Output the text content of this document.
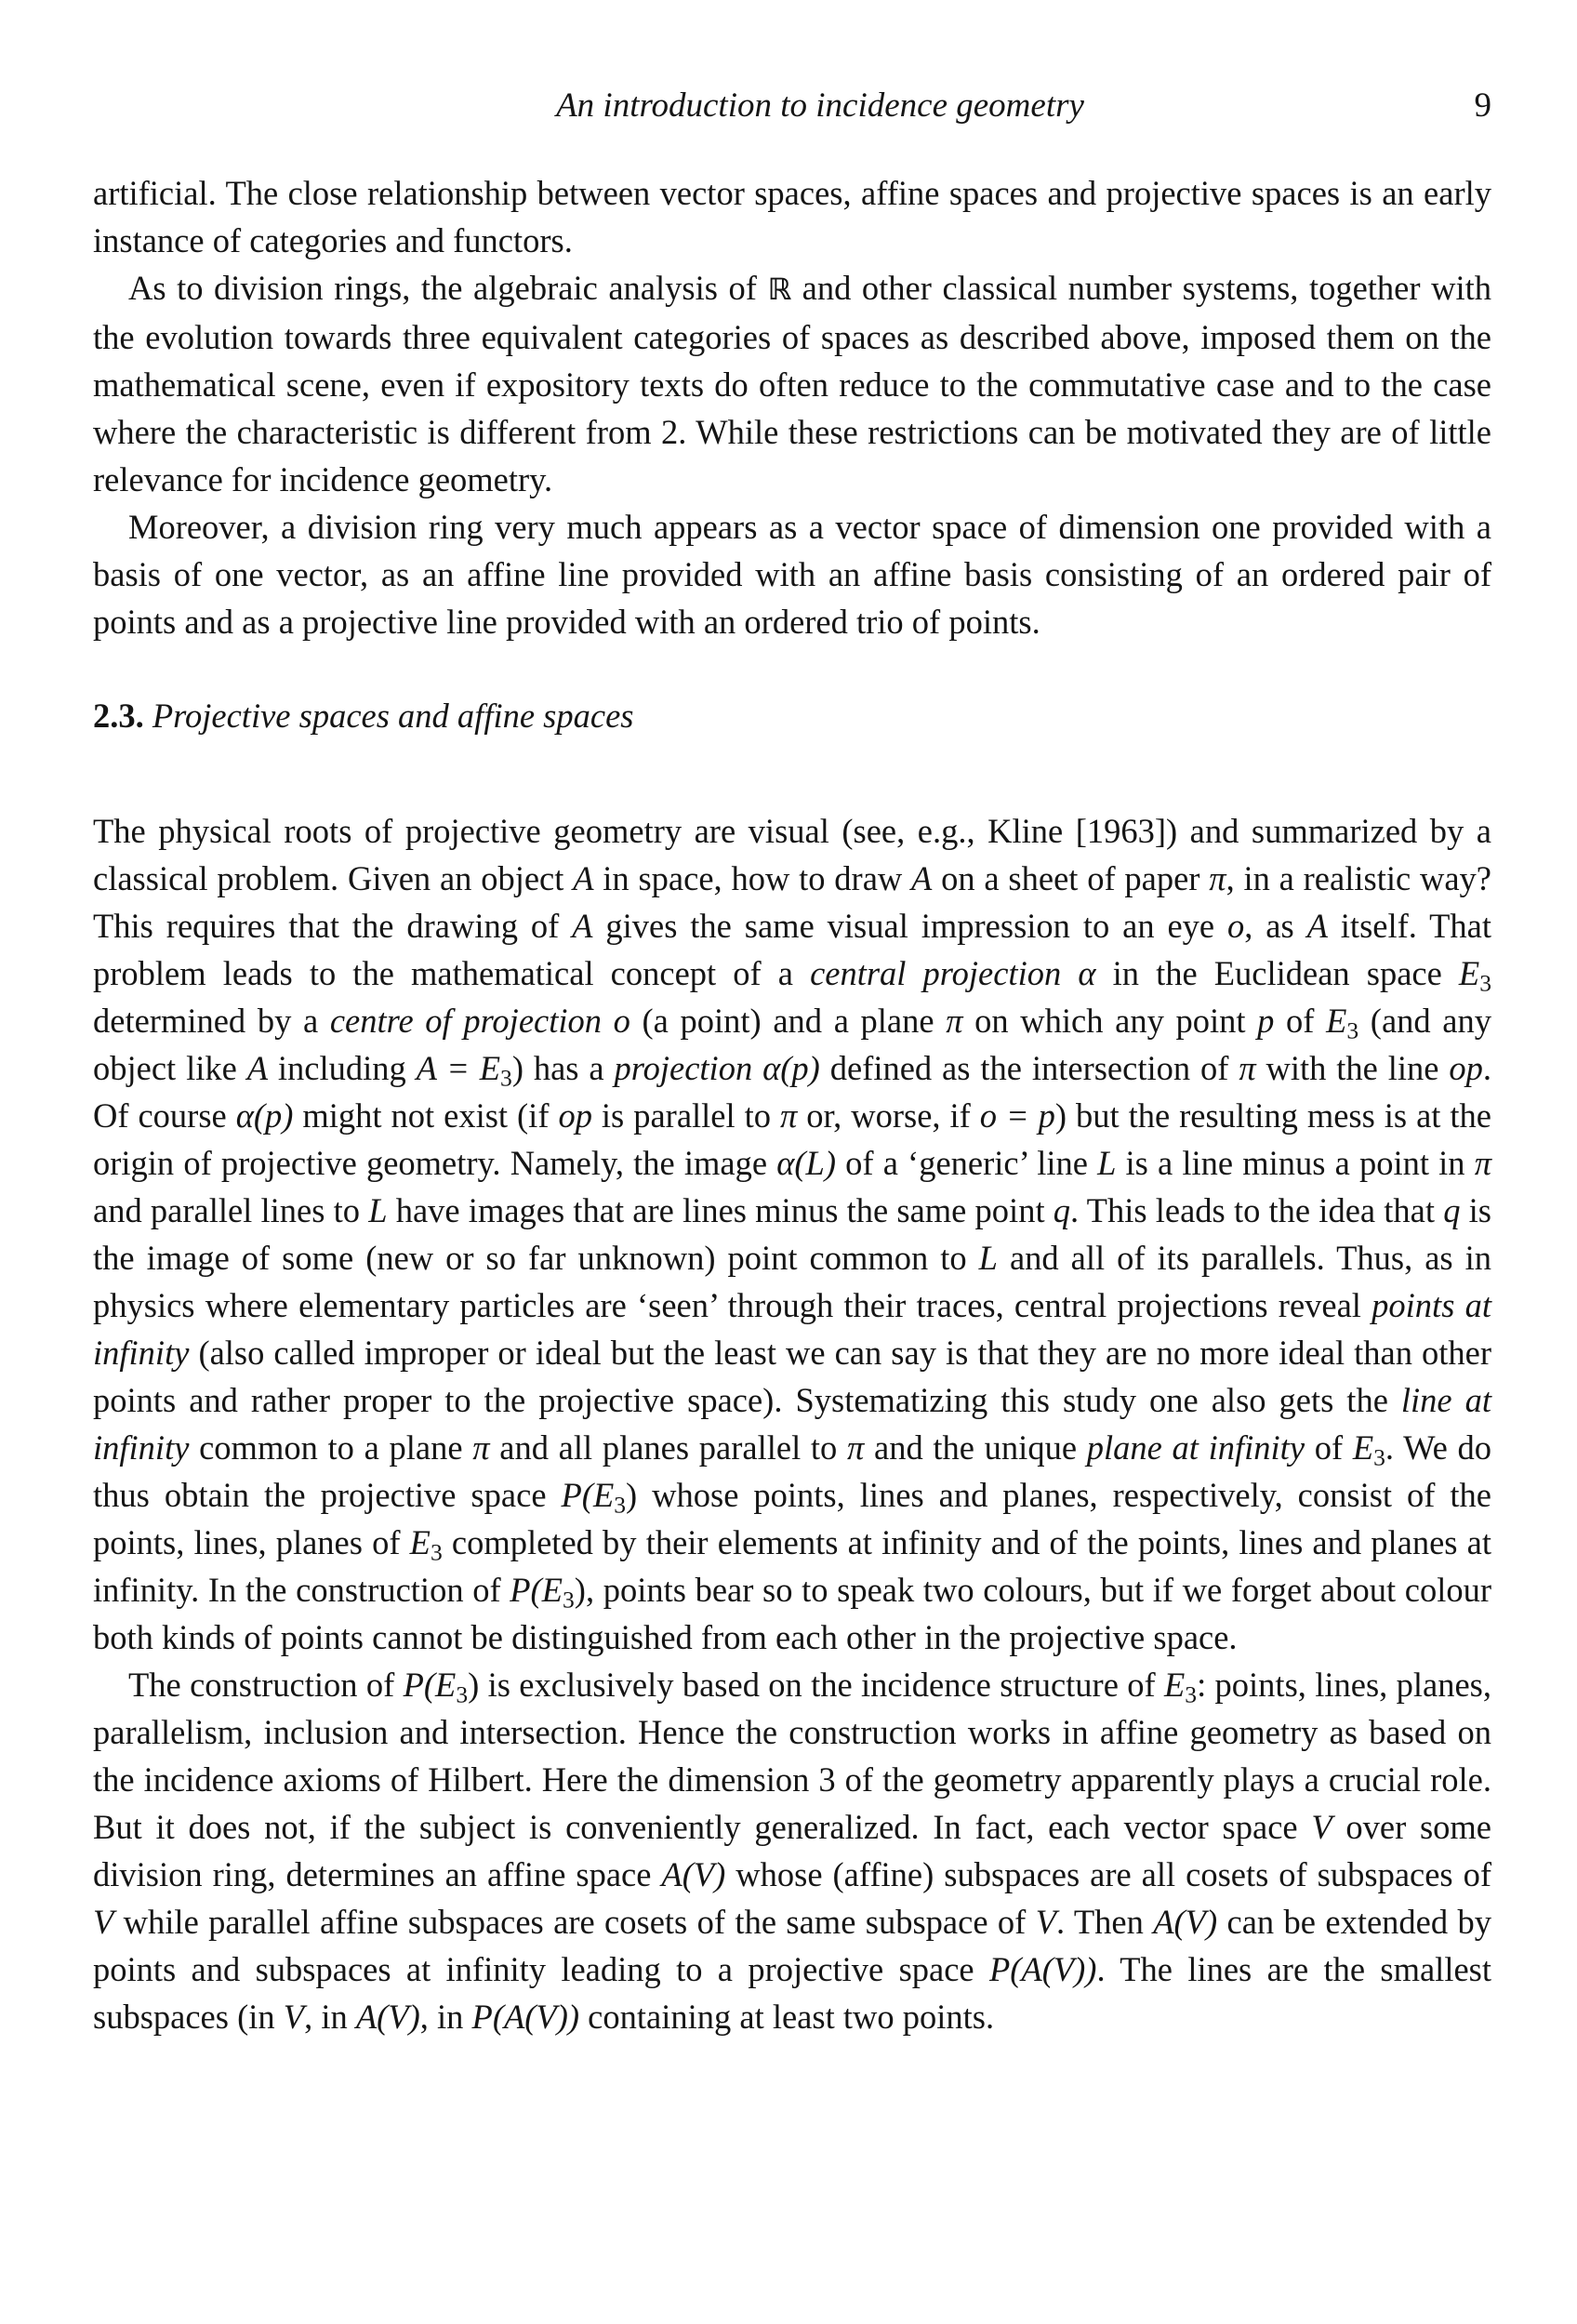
An introduction to incidence geometry	9

artificial. The close relationship between vector spaces, affine spaces and projective spaces is an early instance of categories and functors.

As to division rings, the algebraic analysis of ℝ and other classical number systems, together with the evolution towards three equivalent categories of spaces as described above, imposed them on the mathematical scene, even if expository texts do often reduce to the commutative case and to the case where the characteristic is different from 2. While these restrictions can be motivated they are of little relevance for incidence geometry.

Moreover, a division ring very much appears as a vector space of dimension one provided with a basis of one vector, as an affine line provided with an affine basis consisting of an ordered pair of points and as a projective line provided with an ordered trio of points.

2.3. Projective spaces and affine spaces

The physical roots of projective geometry are visual (see, e.g., Kline [1963]) and summarized by a classical problem. Given an object A in space, how to draw A on a sheet of paper π, in a realistic way? This requires that the drawing of A gives the same visual impression to an eye o, as A itself. That problem leads to the mathematical concept of a central projection α in the Euclidean space $E_3$ determined by a centre of projection o (a point) and a plane π on which any point p of $E_3$ (and any object like A including $A = E_3$) has a projection α(p) defined as the intersection of π with the line op. Of course α(p) might not exist (if op is parallel to π or, worse, if o = p) but the resulting mess is at the origin of projective geometry. Namely, the image α(L) of a ‘generic’ line L is a line minus a point in π and parallel lines to L have images that are lines minus the same point q. This leads to the idea that q is the image of some (new or so far unknown) point common to L and all of its parallels. Thus, as in physics where elementary particles are ‘seen’ through their traces, central projections reveal points at infinity (also called improper or ideal but the least we can say is that they are no more ideal than other points and rather proper to the projective space). Systematizing this study one also gets the line at infinity common to a plane π and all planes parallel to π and the unique plane at infinity of $E_3$. We do thus obtain the projective space $P(E_3)$ whose points, lines and planes, respectively, consist of the points, lines, planes of $E_3$ completed by their elements at infinity and of the points, lines and planes at infinity. In the construction of $P(E_3)$, points bear so to speak two colours, but if we forget about colour both kinds of points cannot be distinguished from each other in the projective space.

The construction of $P(E_3)$ is exclusively based on the incidence structure of $E_3$: points, lines, planes, parallelism, inclusion and intersection. Hence the construction works in affine geometry as based on the incidence axioms of Hilbert. Here the dimension 3 of the geometry apparently plays a crucial role. But it does not, if the subject is conveniently generalized. In fact, each vector space V over some division ring, determines an affine space A(V) whose (affine) subspaces are all cosets of subspaces of V while parallel affine subspaces are cosets of the same subspace of V. Then A(V) can be extended by points and subspaces at infinity leading to a projective space P(A(V)). The lines are the smallest subspaces (in V, in A(V), in P(A(V)) containing at least two points.
